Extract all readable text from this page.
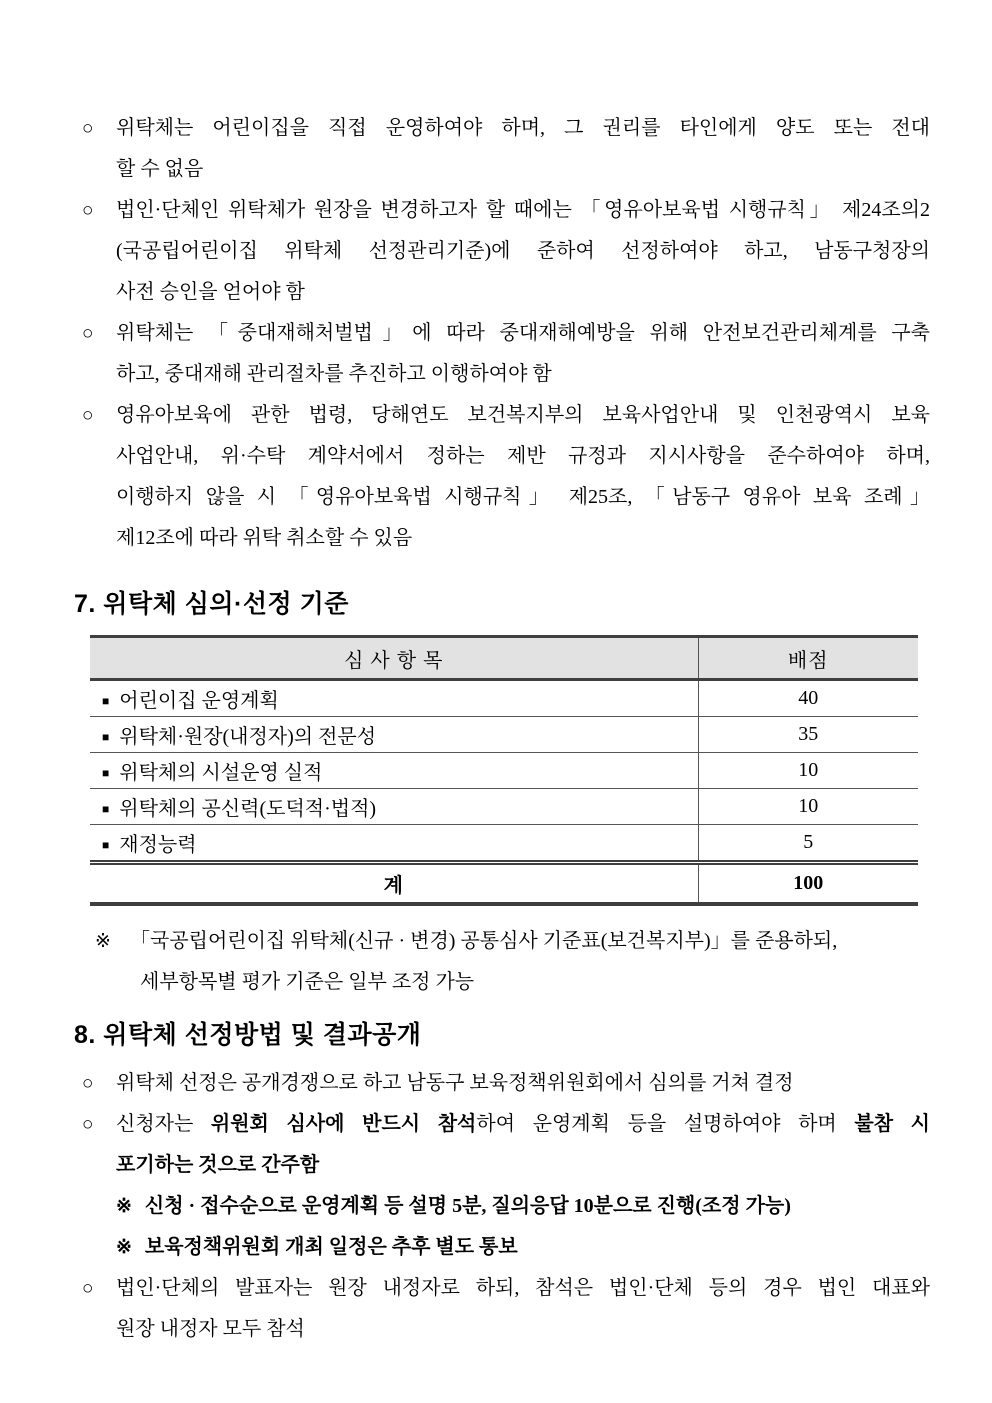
○ 위탁체는 어린이집을 직접 운영하여야 하며, 그 권리를 타인에게 양도 또는 전대
할 수 없음
○ 법인·단체인 위탁체가 원장을 변경하고자 할 때에는 「영유아보육법 시행규칙」 제24조의2
(국공립어린이집 위탁체 선정관리기준)에 준하여 선정하여야 하고, 남동구청장의
사전 승인을 얻어야 함
○ 위탁체는 「중대재해처벌법」에 따라 중대재해예방을 위해 안전보건관리체계를 구축
하고, 중대재해 관리절차를 추진하고 이행하여야 함
○ 영유아보육에 관한 법령, 당해연도 보건복지부의 보육사업안내 및 인천광역시 보육
사업안내, 위·수탁 계약서에서 정하는 제반 규정과 지시사항을 준수하여야 하며,
이행하지 않을 시 「영유아보육법 시행규칙」 제25조, 「남동구 영유아 보육 조례」
제12조에 따라 위탁 취소할 수 있음
7. 위탁체 심의·선정 기준
심 사 항 목	배점
■ 어린이집 운영계획	40
■ 위탁체·원장(내정자)의 전문성	35
■ 위탁체의 시설운영 실적	10
■ 위탁체의 공신력(도덕적·법적)	10
■ 재정능력	5
계	100
※ 「국공립어린이집 위탁체(신규 · 변경) 공통심사 기준표(보건복지부)」를 준용하되,
세부항목별 평가 기준은 일부 조정 가능
8. 위탁체 선정방법 및 결과공개
○ 위탁체 선정은 공개경쟁으로 하고 남동구 보육정책위원회에서 심의를 거쳐 결정
○ 신청자는 위원회 심사에 반드시 참석하여 운영계획 등을 설명하여야 하며 불참 시
포기하는 것으로 간주함
※ 신청 · 접수순으로 운영계획 등 설명 5분, 질의응답 10분으로 진행(조정 가능)
※ 보육정책위원회 개최 일정은 추후 별도 통보
○ 법인·단체의 발표자는 원장 내정자로 하되, 참석은 법인·단체 등의 경우 법인 대표와
원장 내정자 모두 참석
